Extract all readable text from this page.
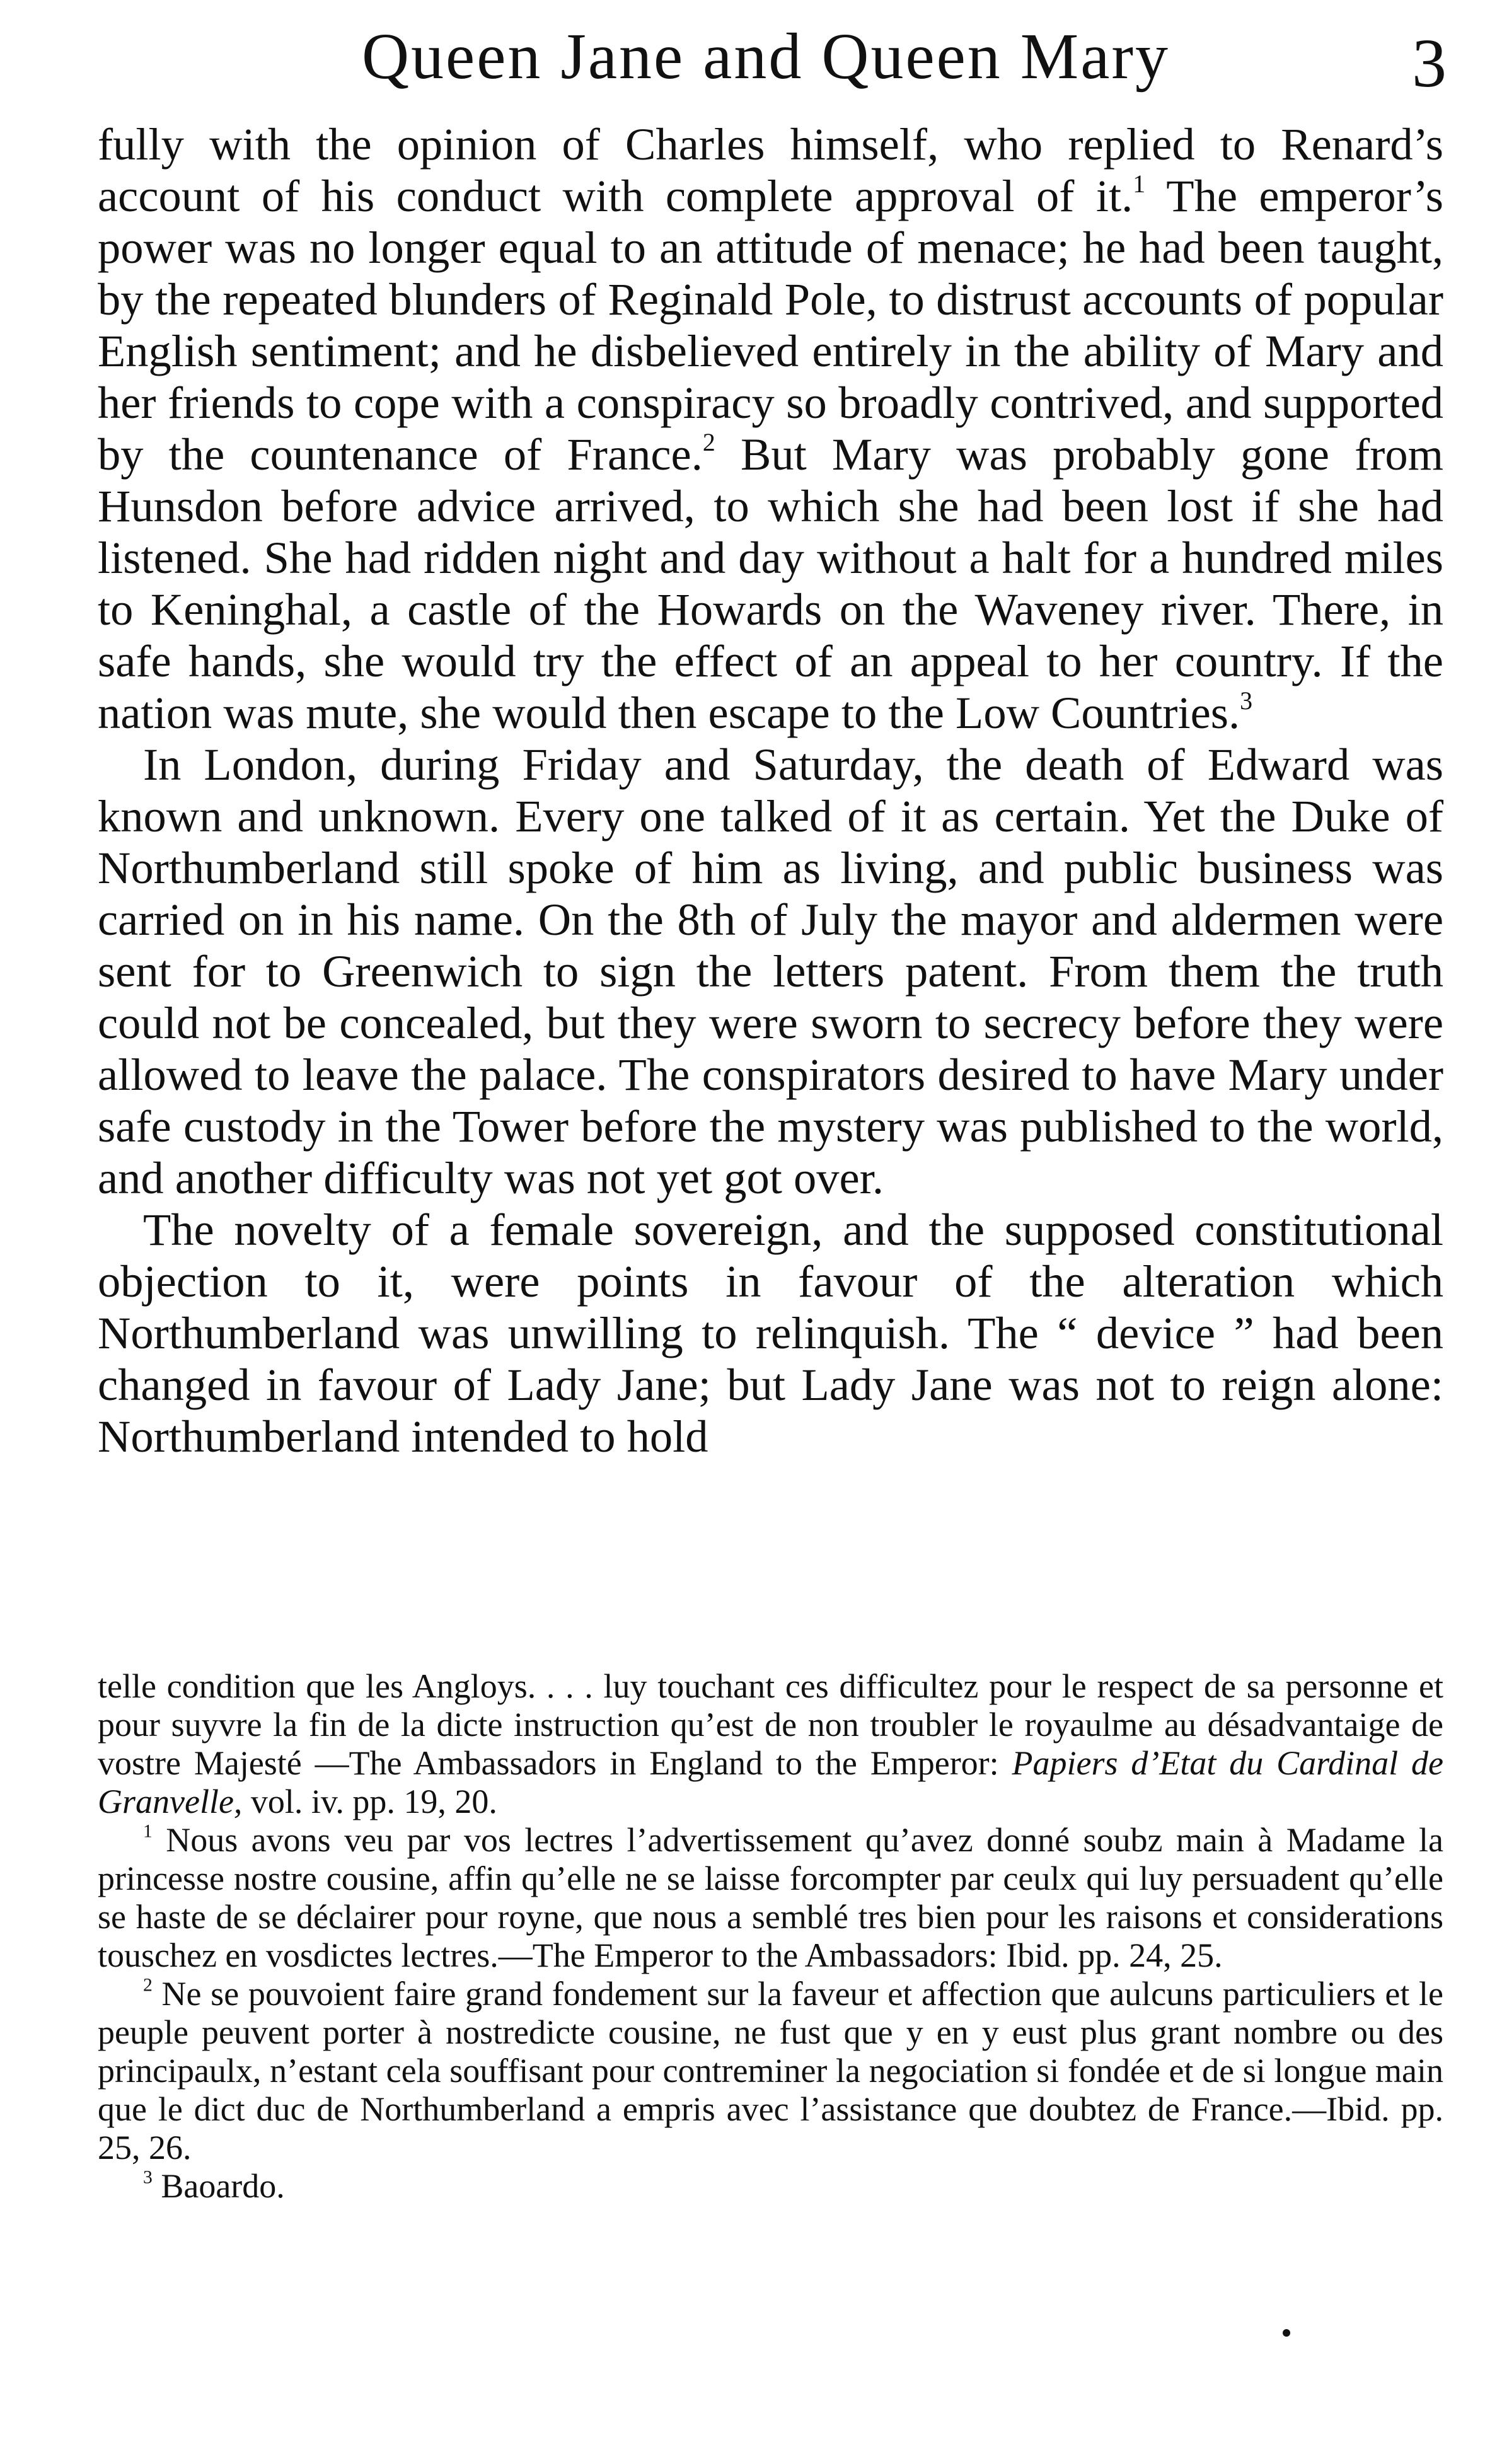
Queen Jane and Queen Mary	3

fully with the opinion of Charles himself, who replied to Renard’s account of his conduct with complete approval of it.$^1$ The emperor’s power was no longer equal to an attitude of menace; he had been taught, by the repeated blunders of Reginald Pole, to distrust accounts of popular English sentiment; and he disbelieved entirely in the ability of Mary and her friends to cope with a conspiracy so broadly contrived, and supported by the countenance of France.$^2$ But Mary was probably gone from Hunsdon before advice arrived, to which she had been lost if she had listened. She had ridden night and day without a halt for a hundred miles to Keninghal, a castle of the Howards on the Waveney river. There, in safe hands, she would try the effect of an appeal to her country. If the nation was mute, she would then escape to the Low Countries.$^3$

In London, during Friday and Saturday, the death of Edward was known and unknown. Every one talked of it as certain. Yet the Duke of Northumberland still spoke of him as living, and public business was carried on in his name. On the 8th of July the mayor and aldermen were sent for to Greenwich to sign the letters patent. From them the truth could not be concealed, but they were sworn to secrecy before they were allowed to leave the palace. The conspirators desired to have Mary under safe custody in the Tower before the mystery was published to the world, and another difficulty was not yet got over.

The novelty of a female sovereign, and the supposed constitutional objection to it, were points in favour of the alteration which Northumberland was unwilling to relinquish. The “ device ” had been changed in favour of Lady Jane; but Lady Jane was not to reign alone: Northumberland intended to hold

telle condition que les Angloys. . . . luy touchant ces difficultez pour le respect de sa personne et pour suyvre la fin de la dicte instruction qu’est de non troubler le royaulme au désadvantaige de vostre Majesté —The Ambassadors in England to the Emperor: Papiers d’Etat du Cardinal de Granvelle, vol. iv. pp. 19, 20.

$^1$ Nous avons veu par vos lectres l’advertissement qu’avez donné soubz main à Madame la princesse nostre cousine, affin qu’elle ne se laisse forcompter par ceulx qui luy persuadent qu’elle se haste de se déclairer pour royne, que nous a semblé tres bien pour les raisons et considerations touschez en vosdictes lectres.—The Emperor to the Ambassadors: Ibid. pp. 24, 25.

$^2$ Ne se pouvoient faire grand fondement sur la faveur et affection que aulcuns particuliers et le peuple peuvent porter à nostredicte cousine, ne fust que y en y eust plus grant nombre ou des principaulx, n’estant cela souffisant pour contreminer la negociation si fondée et de si longue main que le dict duc de Northumberland a empris avec l’assistance que doubtez de France.—Ibid. pp. 25, 26.

$^3$ Baoardo.
